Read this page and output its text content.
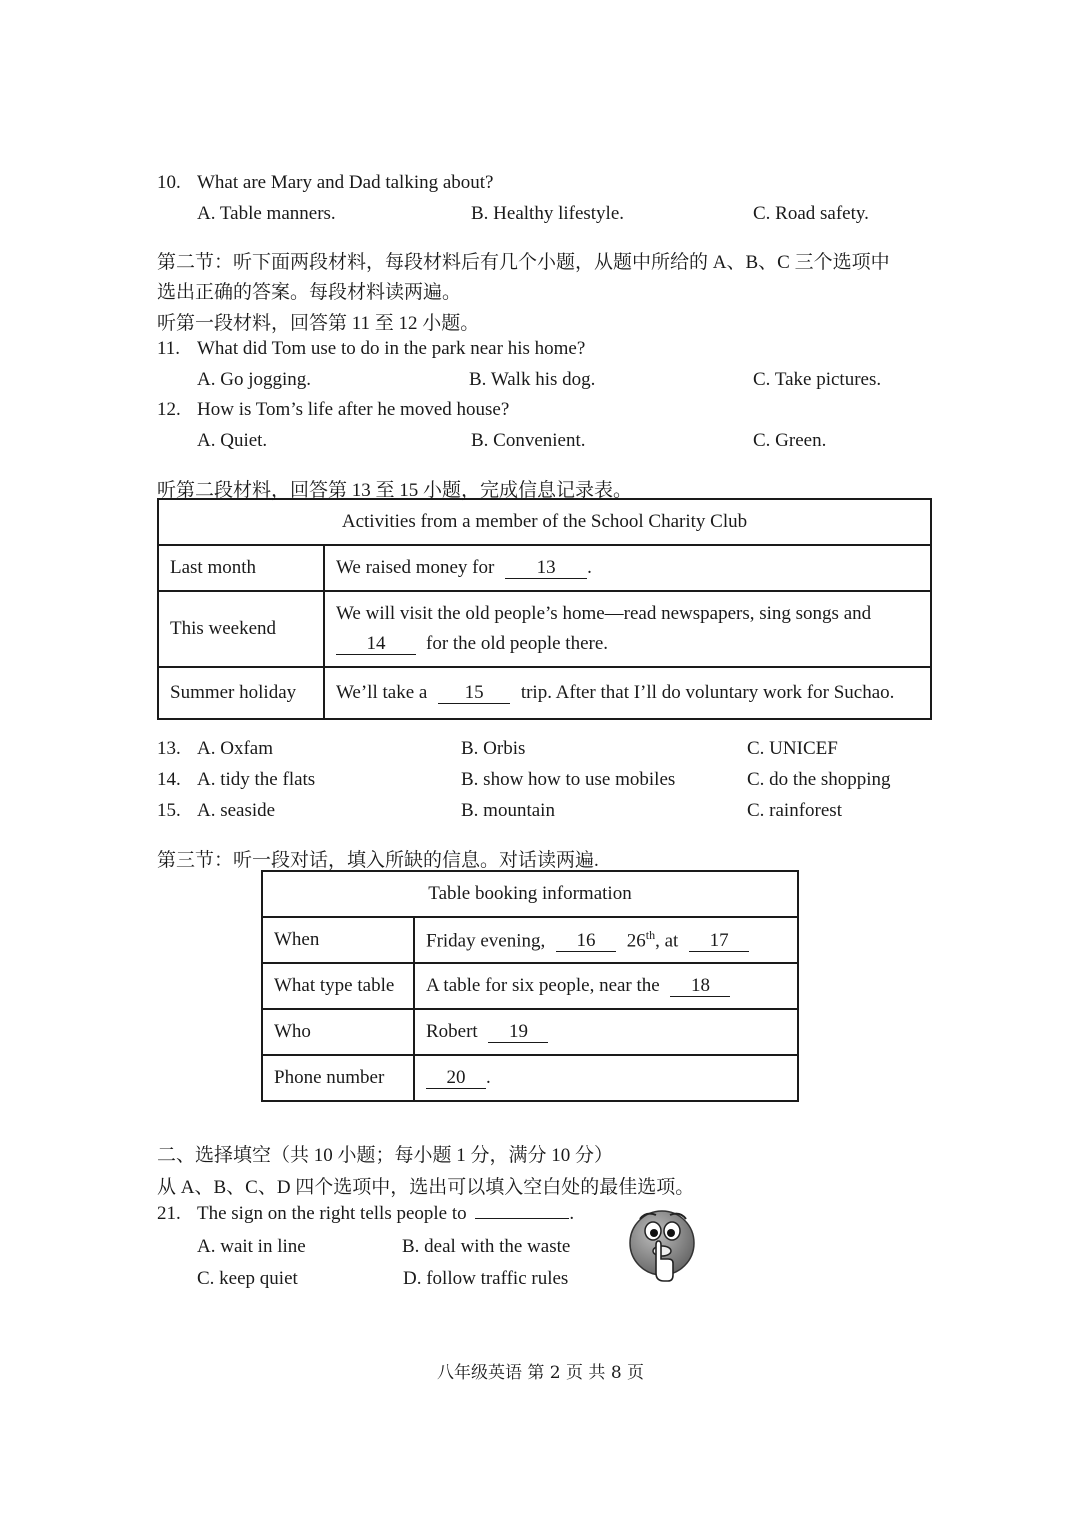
10. What are Mary and Dad talking about?
A. Table manners.	B. Healthy lifestyle.	C. Road safety.
第二节：听下面两段材料，每段材料后有几个小题，从题中所给的 A、B、C 三个选项中
选出正确的答案。每段材料读两遍。
听第一段材料，回答第 11 至 12 小题。
11. What did Tom use to do in the park near his home?
A. Go jogging.	B. Walk his dog.	C. Take pictures.
12. How is Tom’s life after he moved house?
A. Quiet.	B. Convenient.	C. Green.
听第二段材料，回答第 13 至 15 小题，完成信息记录表。
Activities from a member of the School Charity Club	
Last month	We raised money for 13 .
This weekend	We will visit the old people’s home—read newspapers, sing songs and
14 for the old people there.

Summer holiday	We’ll take a 15 trip. After that I’ll do voluntary work for Suchao.
13. A. Oxfam	B. Orbis	C. UNICEF
14. A. tidy the flats	B. show how to use mobiles	C. do the shopping
15. A. seaside	B. mountain	C. rainforest
第三节：听一段对话，填入所缺的信息。对话读两遍.
Table booking information	
When	Friday evening, 16 26th, at 17
What type table	A table for six people, near the 18
Who	Robert 19
Phone number	20 .
二、选择填空（共 10 小题；每小题 1 分，满分 10 分）
从 A、B、C、D 四个选项中，选出可以填入空白处的最佳选项。
21. The sign on the right tells people to	.
A. wait in line	B. deal with the waste
C. keep quiet	D. follow traffic rules
八年级英语 第 2 页 共 8 页
